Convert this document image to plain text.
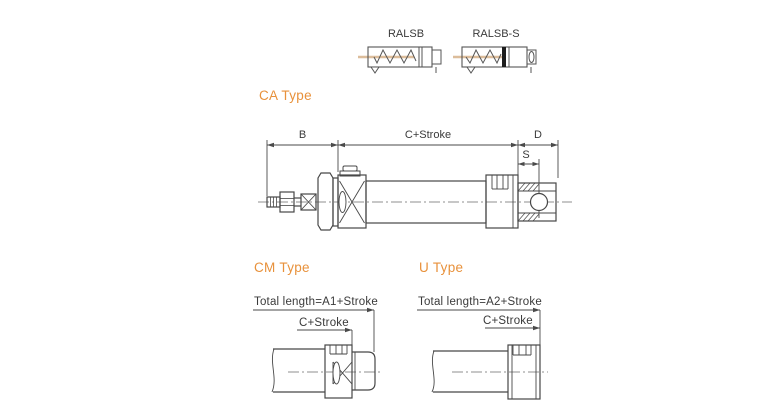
RALSB	RALSB-S
CA Type
B	C+Stroke	D
S
CM Type
Total length=A1+Stroke
C+Stroke
U Type
Total length=A2+Stroke
C+Stroke
